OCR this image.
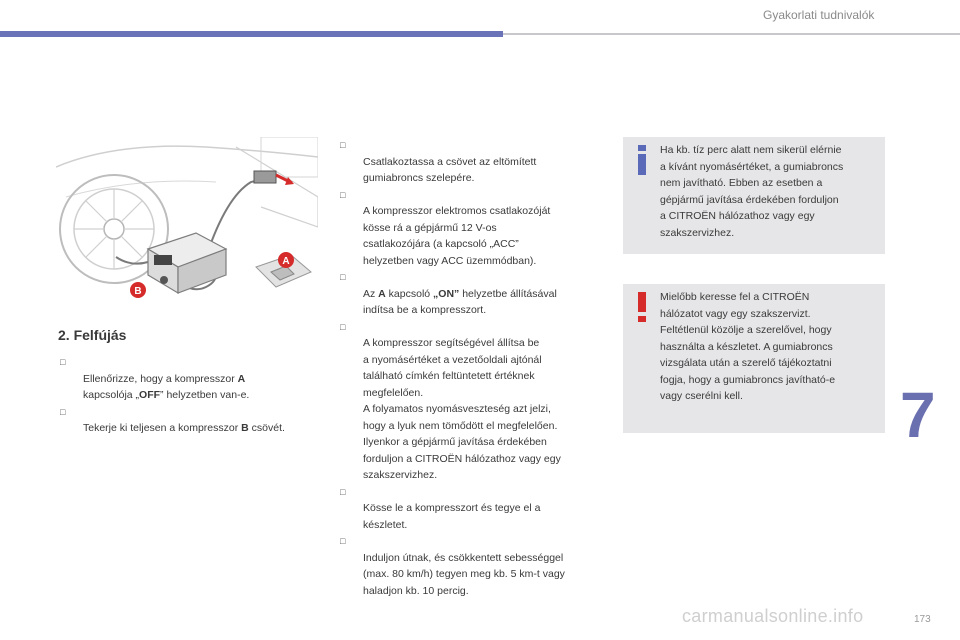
Gyakorlati tudnivalók
A
B
2. Felfújás

□
Ellenőrizze, hogy a kompresszor A
kapcsolója „OFF” helyzetben van-e.

□
Tekerje ki teljesen a kompresszor B csövét.

□
Csatlakoztassa a csövet az eltömített
gumiabroncs szelepére.

□
A kompresszor elektromos csatlakozóját
kösse rá a gépjármű 12 V-os
csatlakozójára (a kapcsoló „ACC”
helyzetben vagy ACC üzemmódban).

□
Az A kapcsoló „ON” helyzetbe állításával
indítsa be a kompresszort.

□
A kompresszor segítségével állítsa be
a nyomásértéket a vezetőoldali ajtónál
található címkén feltüntetett értéknek
megfelelően.
A folyamatos nyomásveszteség azt jelzi,
hogy a lyuk nem tömődött el megfelelően.
Ilyenkor a gépjármű javítása érdekében
forduljon a CITROËN hálózathoz vagy egy
szakszervizhez.

□
Kösse le a kompresszort és tegye el a
készletet.

□
Induljon útnak, és csökkentett sebességgel
(max. 80 km/h) tegyen meg kb. 5 km-t vagy
haladjon kb. 10 percig.

Ha kb. tíz perc alatt nem sikerül elérnie
a kívánt nyomásértéket, a gumiabroncs
nem javítható. Ebben az esetben a
gépjármű javítása érdekében forduljon
a CITROËN hálózathoz vagy egy
szakszervizhez.
Mielőbb keresse fel a CITROËN
hálózatot vagy egy szakszervizt.
Feltétlenül közölje a szerelővel, hogy
használta a készletet. A gumiabroncs
vizsgálata után a szerelő tájékoztatni
fogja, hogy a gumiabroncs javítható-e
vagy cserélni kell.	7
carmanualsonline.info	173
